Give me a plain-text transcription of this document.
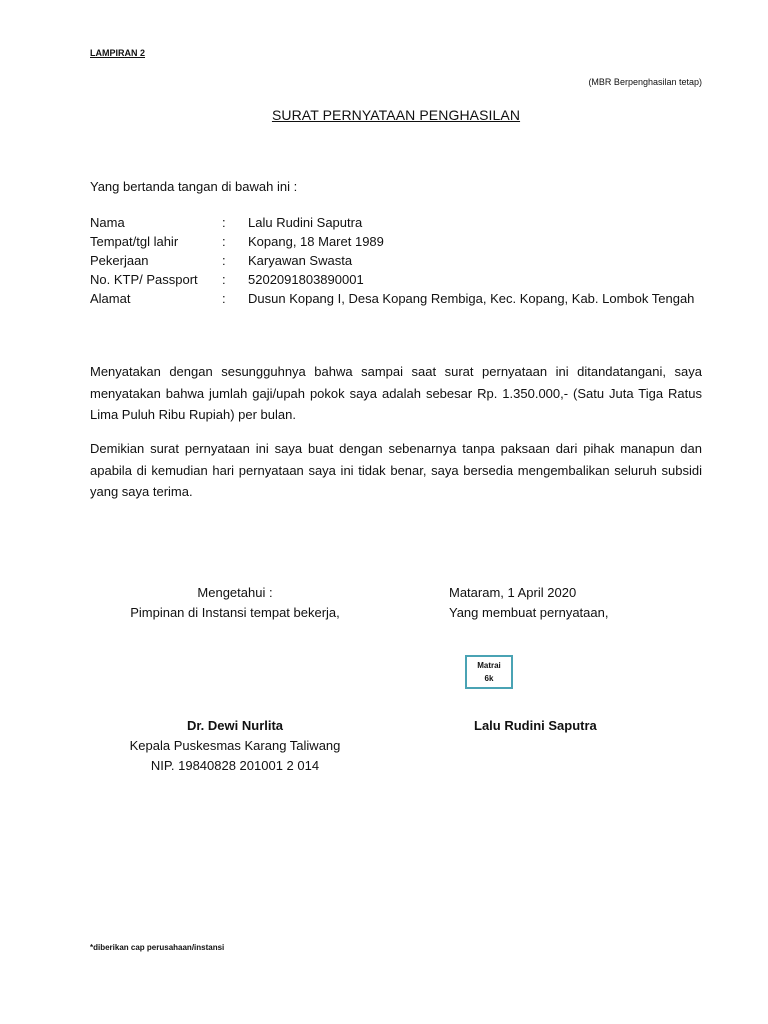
LAMPIRAN 2
(MBR Berpenghasilan tetap)
SURAT PERNYATAAN PENGHASILAN
Yang bertanda tangan di bawah ini :
Nama	:	Lalu Rudini Saputra
Tempat/tgl lahir	:	Kopang, 18 Maret 1989
Pekerjaan	:	Karyawan Swasta
No. KTP/ Passport	:	5202091803890001
Alamat	:	Dusun Kopang I, Desa Kopang Rembiga, Kec. Kopang, Kab. Lombok Tengah
Menyatakan dengan sesungguhnya bahwa sampai saat surat pernyataan ini ditandatangani, saya menyatakan bahwa jumlah gaji/upah pokok saya adalah sebesar Rp. 1.350.000,- (Satu Juta Tiga Ratus Lima Puluh Ribu Rupiah) per bulan.
Demikian surat pernyataan ini saya buat dengan sebenarnya tanpa paksaan dari pihak manapun dan apabila di kemudian hari pernyataan saya ini tidak benar, saya bersedia mengembalikan seluruh subsidi yang saya terima.
Mengetahui :
Pimpinan di Instansi tempat bekerja,
Mataram, 1 April 2020
Yang membuat pernyataan,
Matrai
6k
Dr. Dewi Nurlita
Kepala Puskesmas Karang Taliwang
NIP. 19840828 201001 2 014
Lalu Rudini Saputra
*diberikan cap perusahaan/instansi
